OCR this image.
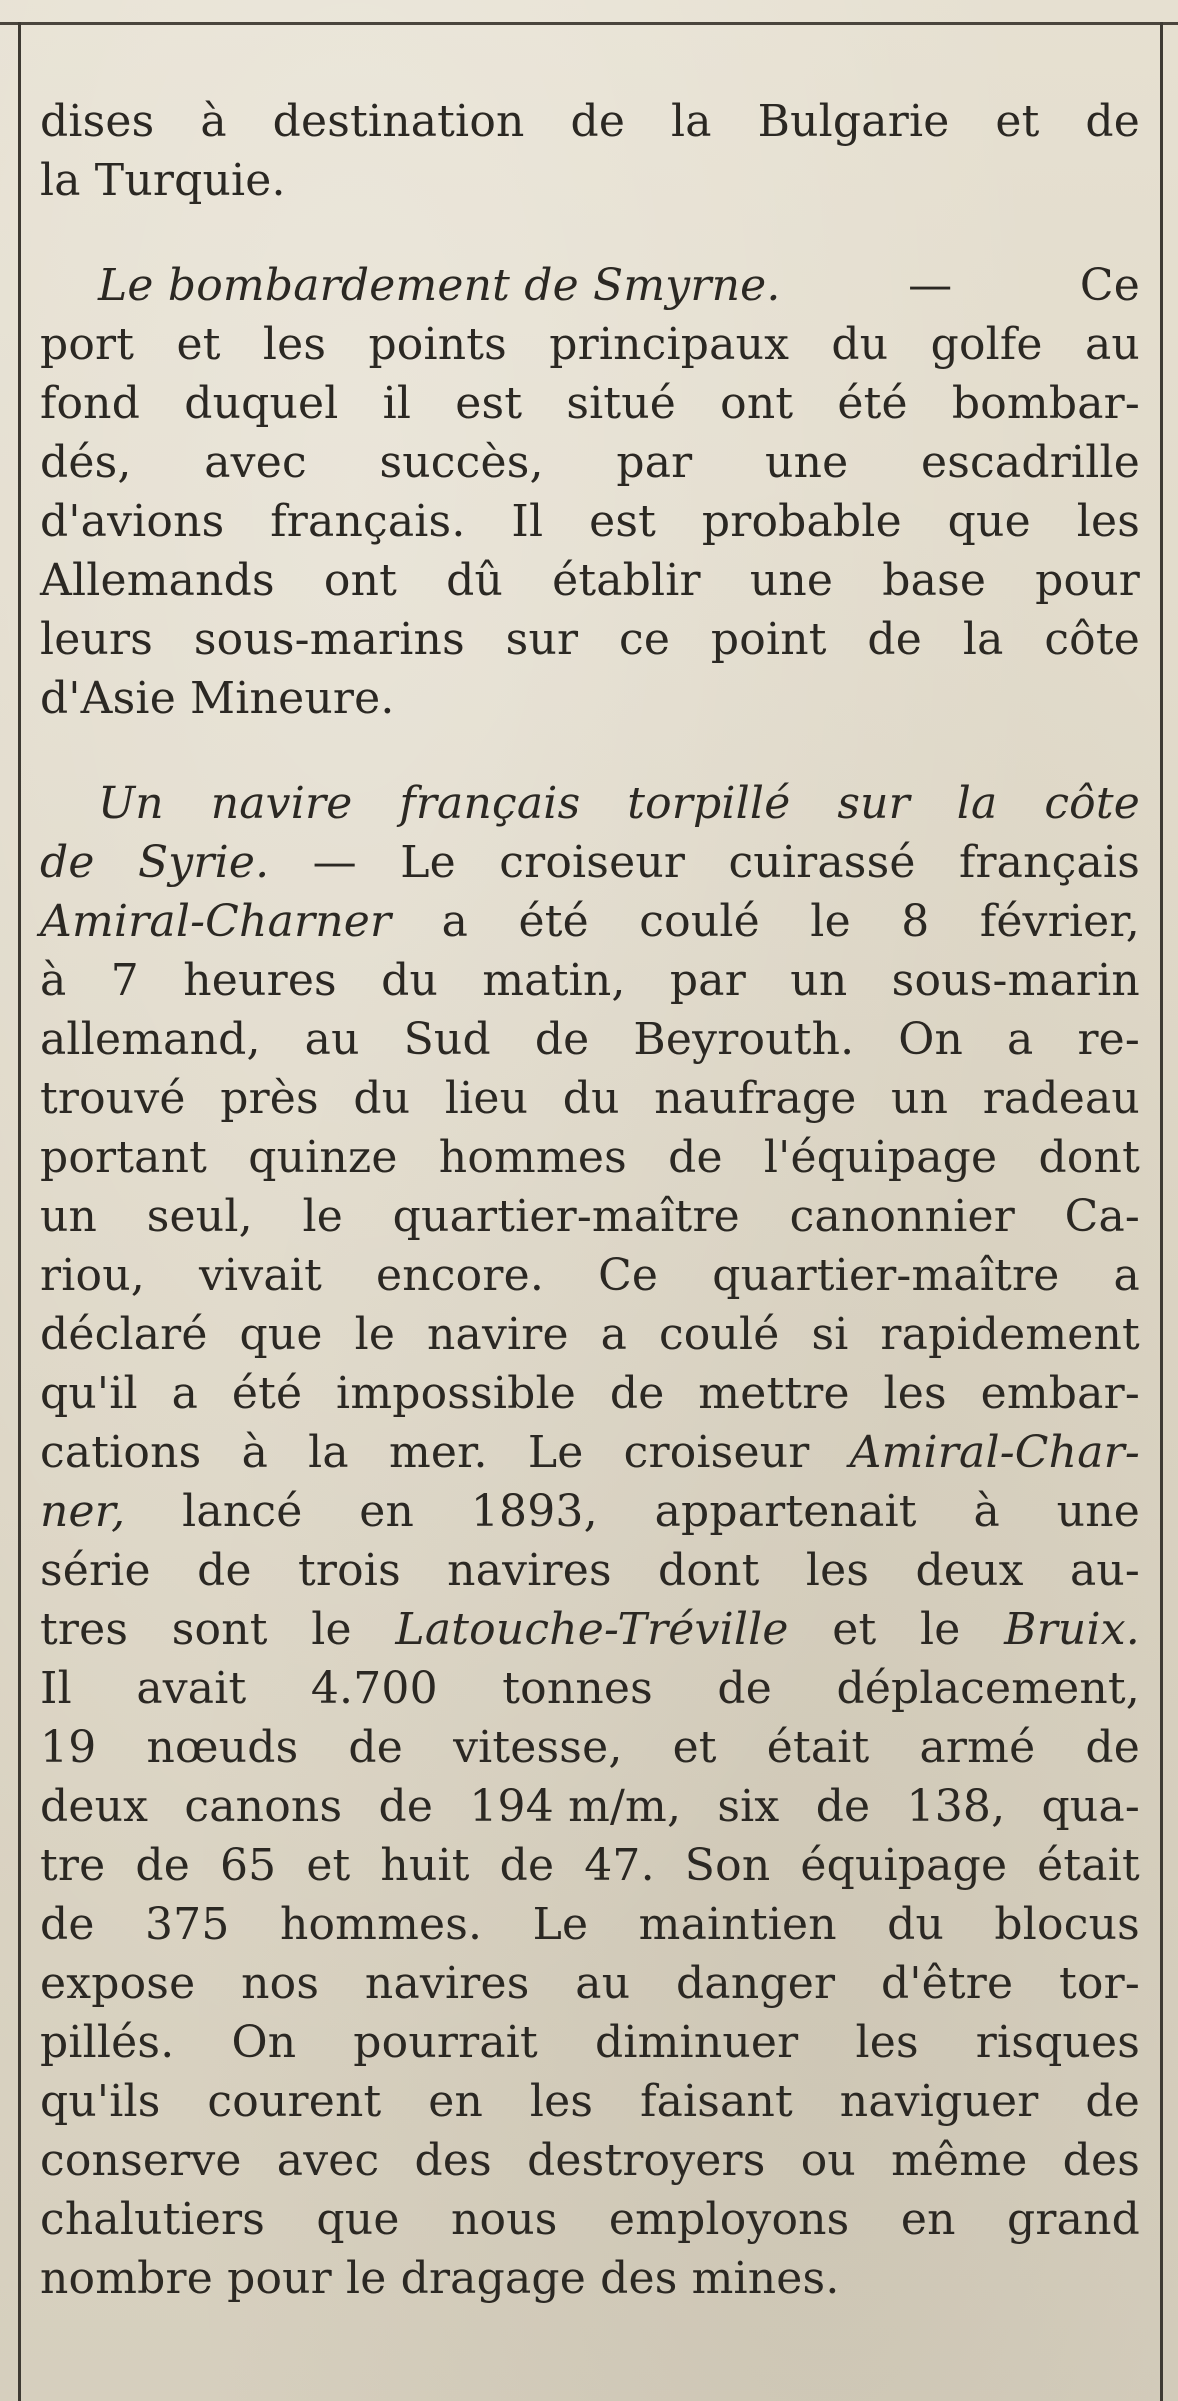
dises à destination de la Bulgarie et de
la Turquie.
Le bombardement de Smyrne.	—	Ce
port et les points principaux du golfe au
fond duquel il est situé ont été bombar-
dés, avec succès, par une escadrille
d'avions français. Il est probable que les
Allemands ont dû établir une base pour
leurs sous-marins sur ce point de la côte
d'Asie Mineure.
Un navire français torpillé sur la côte
de Syrie. — Le croiseur cuirassé français
Amiral-Charner a été coulé le 8 février,
à 7 heures du matin, par un sous-marin
allemand, au Sud de Beyrouth. On a re-
trouvé près du lieu du naufrage un radeau
portant quinze hommes de l'équipage dont
un seul, le quartier-maître canonnier Ca-
riou, vivait encore. Ce quartier-maître a
déclaré que le navire a coulé si rapidement
qu'il a été impossible de mettre les embar-
cations à la mer. Le croiseur Amiral-Char-
ner, lancé en 1893, appartenait à une
série de trois navires dont les deux au-
tres sont le Latouche-Tréville et le Bruix.
Il avait 4.700 tonnes de déplacement,
19 nœuds de vitesse, et était armé de
deux canons de 194 m/m, six de 138, qua-
tre de 65 et huit de 47. Son équipage était
de 375 hommes. Le maintien du blocus
expose nos navires au danger d'être tor-
pillés. On pourrait diminuer les risques
qu'ils courent en les faisant naviguer de
conserve avec des destroyers ou même des
chalutiers que nous employons en grand
nombre pour le dragage des mines.
